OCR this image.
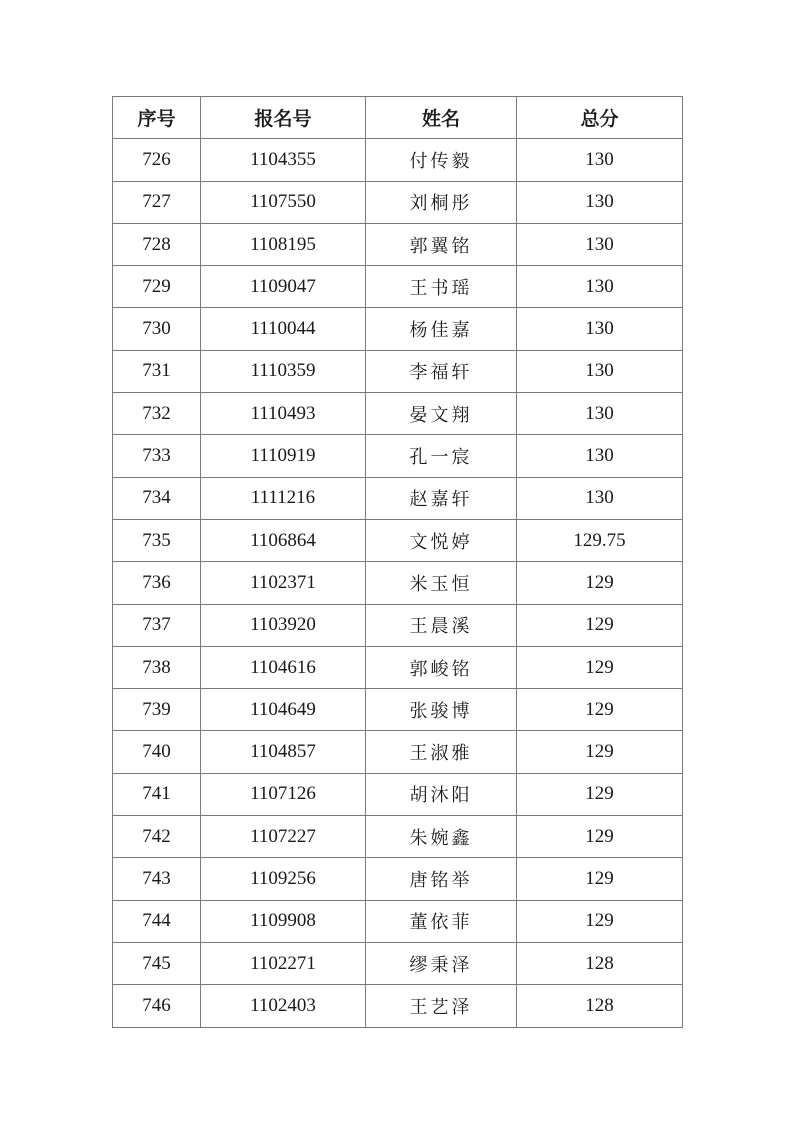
序号	报名号	姓名	总分
726	1104355	付传毅	130
727	1107550	刘桐彤	130
728	1108195	郭翼铭	130
729	1109047	王书瑶	130
730	1110044	杨佳嘉	130
731	1110359	李福轩	130
732	1110493	晏文翔	130
733	1110919	孔一宸	130
734	1111216	赵嘉轩	130
735	1106864	文悦婷	129.75
736	1102371	米玉恒	129
737	1103920	王晨溪	129
738	1104616	郭峻铭	129
739	1104649	张骏博	129
740	1104857	王淑雅	129
741	1107126	胡沐阳	129
742	1107227	朱婉鑫	129
743	1109256	唐铭举	129
744	1109908	董依菲	129
745	1102271	缪秉泽	128
746	1102403	王艺泽	128
